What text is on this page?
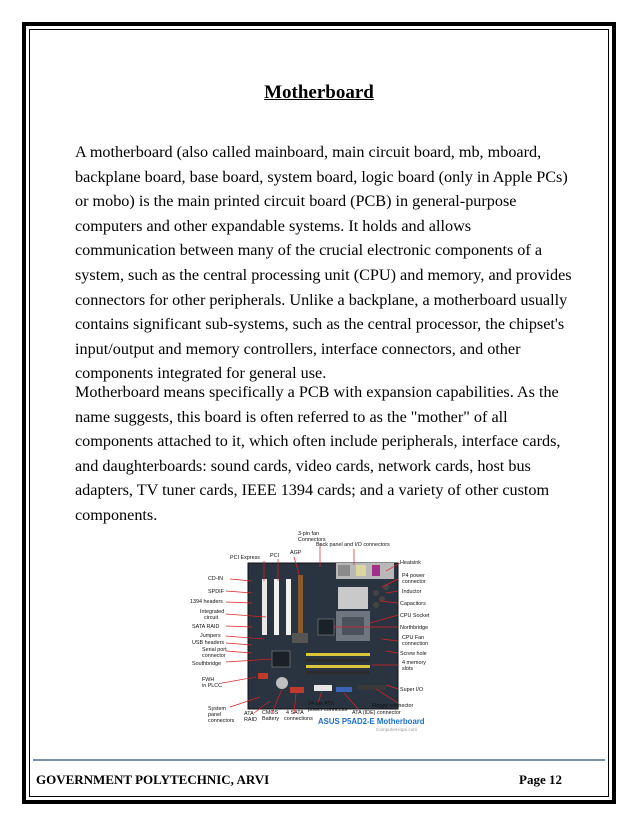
Motherboard
A motherboard (also called mainboard, main circuit board, mb, mboard, backplane board, base board, system board, logic board (only in Apple PCs) or mobo) is the main printed circuit board (PCB) in general-purpose computers and other expandable systems. It holds and allows communication between many of the crucial electronic components of a system, such as the central processing unit (CPU) and memory, and provides connectors for other peripherals. Unlike a backplane, a motherboard usually contains significant sub-systems, such as the central processor, the chipset's input/output and memory controllers, interface connectors, and other components integrated for general use.
Motherboard means specifically a PCB with expansion capabilities. As the name suggests, this board is often referred to as the "mother" of all components attached to it, which often include peripherals, interface cards, and daughterboards: sound cards, video cards, network cards, host bus adapters, TV tuner cards, IEEE 1394 cards; and a variety of other custom components.
3-pin fan
Connectors
Back panel and I/O connectors
AGP
PCI
PCI Express
CD-IN
SPDIF
1394 headers
Integrated
circuit
SATA RAID
Jumpers
USB headers
Serial port
connector
Southbridge
FWH
in PLCC
System
panel
connectors
ATA
RAID
CMOS
Battery
4 SATA
connections
24-pin ATX
power connector
Floppy connector
ATA (IDE) connector
Heatsink
P4 power
connector
Inductor
Capacitors
CPU Socket
Northbridge
CPU Fan
connection
Screw hole
4 memory
slots
Super I/O
ASUS P5AD2-E Motherboard
ComputerHope.com
GOVERNMENT POLYTECHNIC, ARVI	Page 12
